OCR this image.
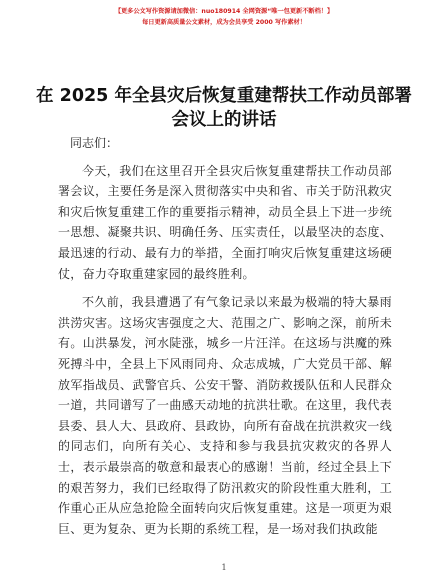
【更多公文写作资源请加微信：nuo180914 全网资源“唯一包更新不断档！】
每日更新高质量公文素材，成为会员享受 2000 写作素材！
在 2025 年全县灾后恢复重建帮扶工作动员部署
会议上的讲话
同志们：

今天，我们在这里召开全县灾后恢复重建帮扶工作动员部署会议，主要任务是深入贯彻落实中央和省、市关于防汛救灾和灾后恢复重建工作的重要指示精神，动员全县上下进一步统一思想、凝聚共识、明确任务、压实责任，以最坚决的态度、最迅速的行动、最有力的举措，全面打响灾后恢复重建这场硬仗，奋力夺取重建家园的最终胜利。

不久前，我县遭遇了有气象记录以来最为极端的特大暴雨洪涝灾害。这场灾害强度之大、范围之广、影响之深，前所未有。山洪暴发，河水陡涨，城乡一片汪洋。在这场与洪魔的殊死搏斗中，全县上下风雨同舟、众志成城，广大党员干部、解放军指战员、武警官兵、公安干警、消防救援队伍和人民群众一道，共同谱写了一曲感天动地的抗洪壮歌。在这里，我代表县委、县人大、县政府、县政协，向所有奋战在抗洪救灾一线的同志们，向所有关心、支持和参与我县抗灾救灾的各界人士，表示最崇高的敬意和最衷心的感谢！当前，经过全县上下的艰苦努力，我们已经取得了防汛救灾的阶段性重大胜利，工作重心正从应急抢险全面转向灾后恢复重建。这是一项更为艰巨、更为复杂、更为长期的系统工程，是一场对我们执政能

1
